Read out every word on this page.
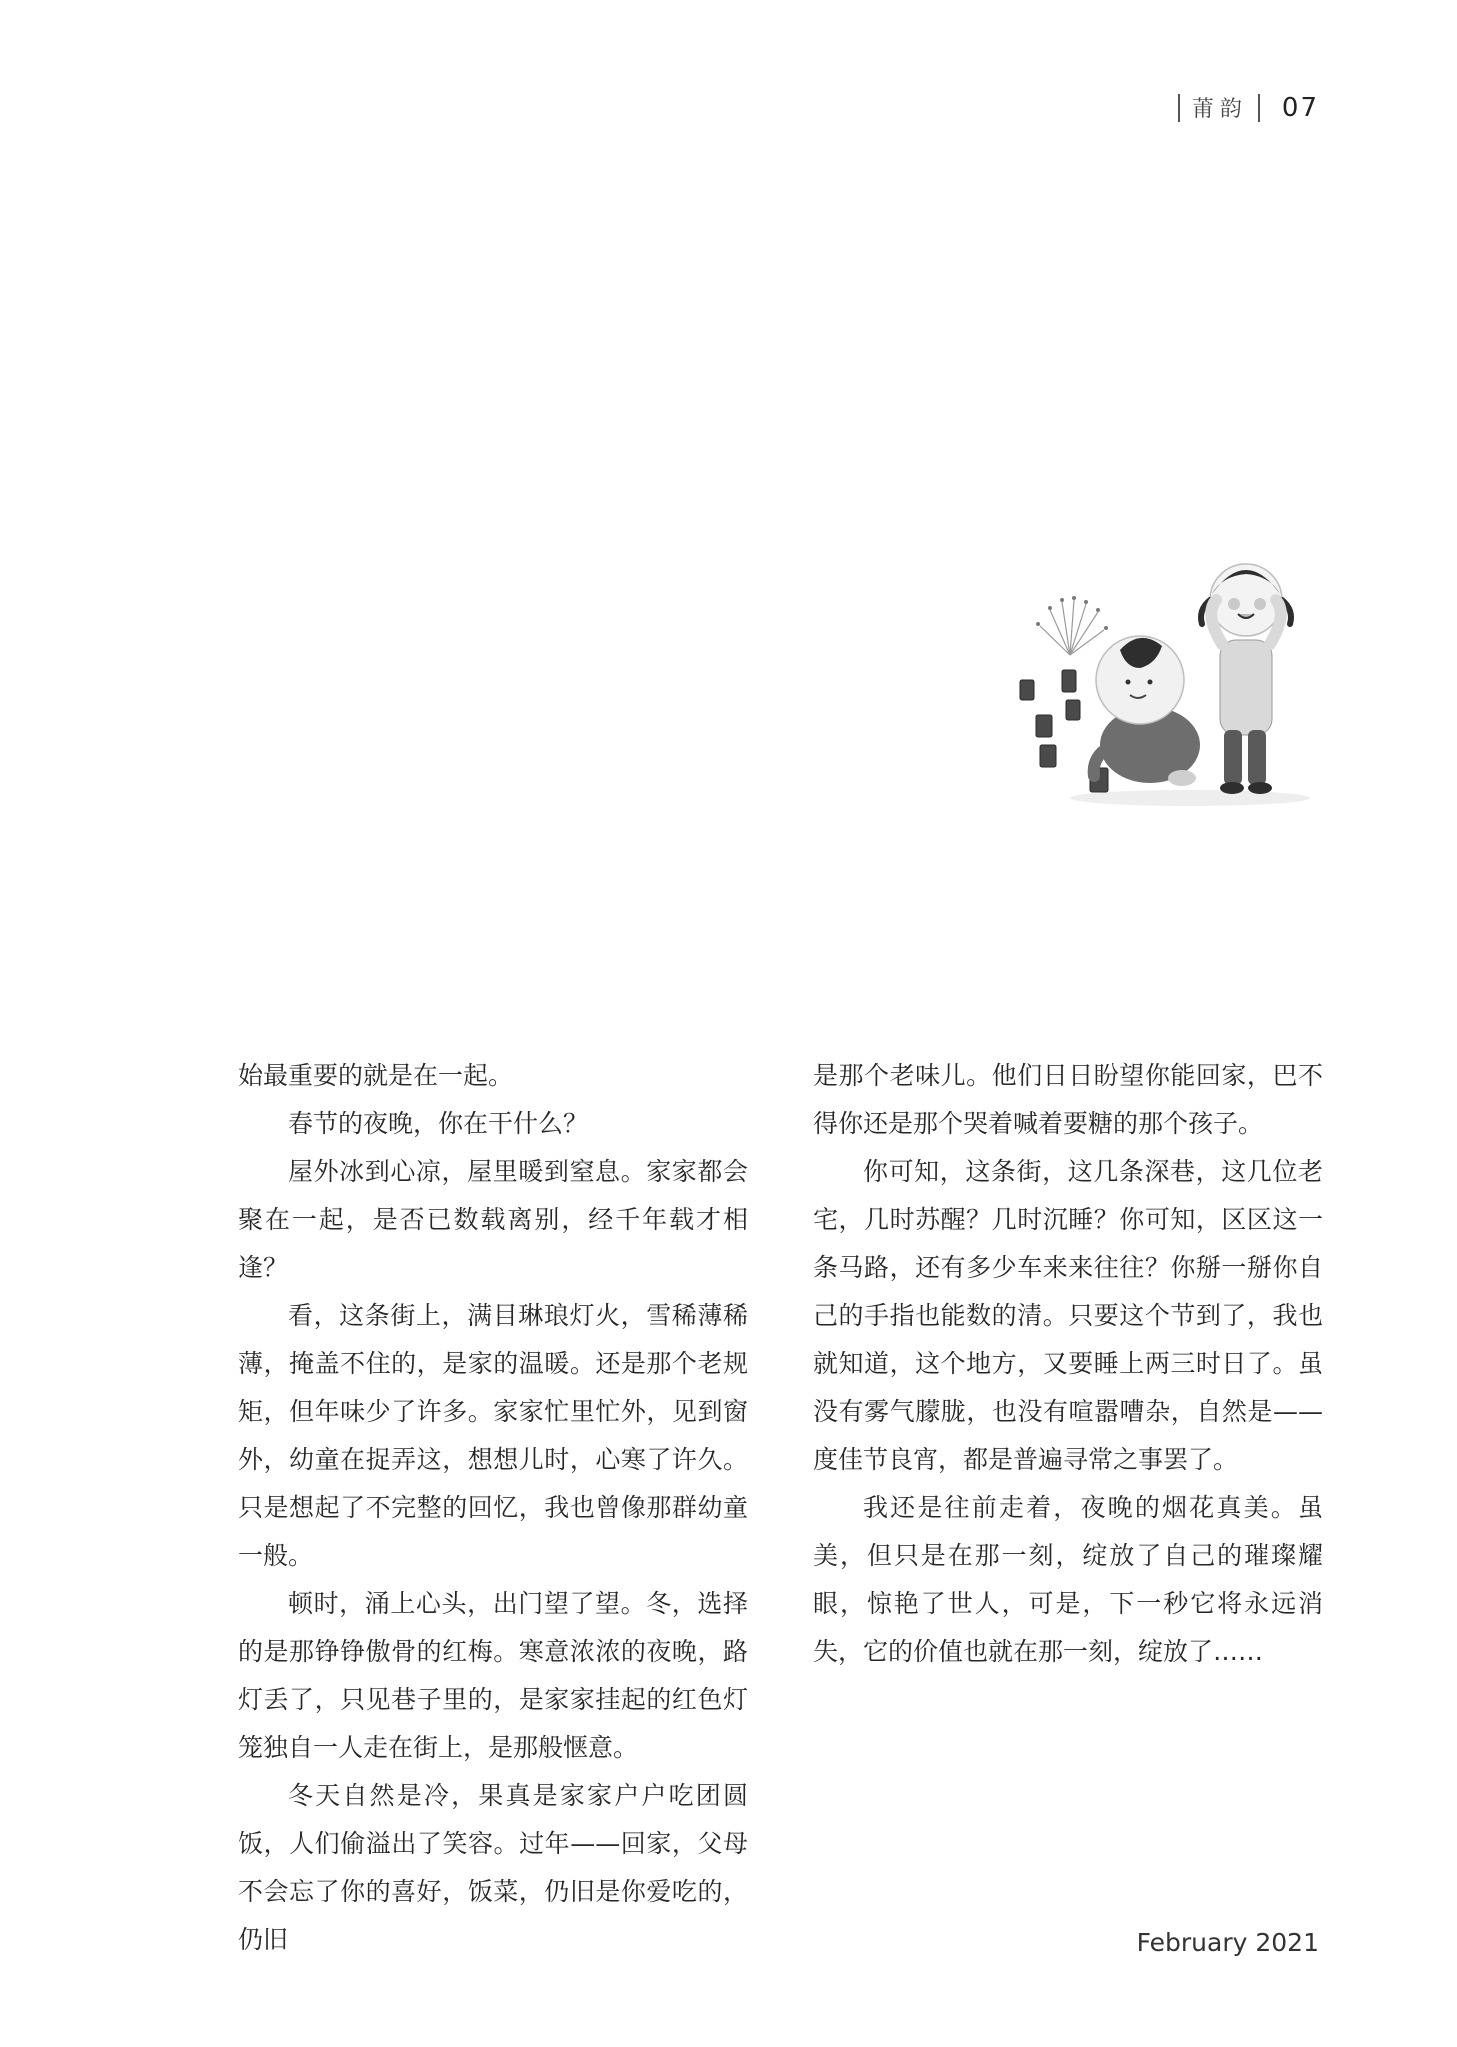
莆韵 07

始最重要的就是在一起。

春节的夜晚，你在干什么？

屋外冰到心凉，屋里暖到窒息。家家都会聚在一起，是否已数载离别，经千年载才相逢？

看，这条街上，满目琳琅灯火，雪稀薄稀薄，掩盖不住的，是家的温暖。还是那个老规矩，但年味少了许多。家家忙里忙外，见到窗外，幼童在捉弄这，想想儿时，心寒了许久。只是想起了不完整的回忆，我也曾像那群幼童一般。

顿时，涌上心头，出门望了望。冬，选择的是那铮铮傲骨的红梅。寒意浓浓的夜晚，路灯丢了，只见巷子里的，是家家挂起的红色灯笼独自一人走在街上，是那般惬意。

冬天自然是冷，果真是家家户户吃团圆饭，人们偷溢出了笑容。过年——回家，父母不会忘了你的喜好，饭菜，仍旧是你爱吃的，仍旧

是那个老味儿。他们日日盼望你能回家，巴不得你还是那个哭着喊着要糖的那个孩子。

你可知，这条街，这几条深巷，这几位老宅，几时苏醒？几时沉睡？你可知，区区这一条马路，还有多少车来来往往？你掰一掰你自 己的手指也能数的清。只要这个节到了，我也就知道，这个地方，又要睡上两三时日了。虽没有雾气朦胧，也没有喧嚣嘈杂，自然是——度佳节良宵，都是普遍寻常之事罢了。

我还是往前走着，夜晚的烟花真美。虽美，但只是在那一刻，绽放了自己的璀璨耀眼，惊艳了世人，可是，下一秒它将永远消失，它的价值也就在那一刻，绽放了……

February 2021
